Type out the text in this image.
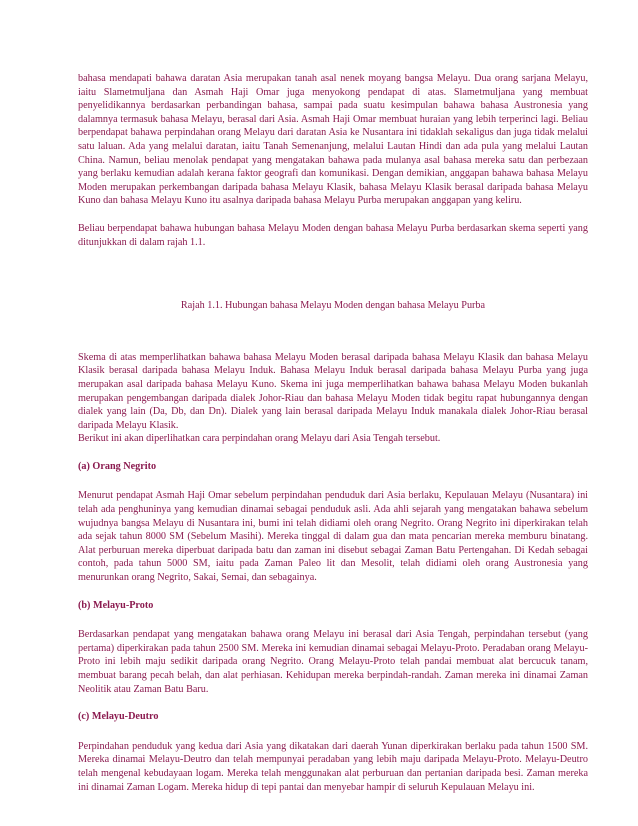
bahasa mendapati bahawa daratan Asia merupakan tanah asal nenek moyang bangsa Melayu. Dua orang sarjana Melayu, iaitu Slametmuljana dan Asmah Haji Omar juga menyokong pendapat di atas. Slametmuljana yang membuat penyelidikannya berdasarkan perbandingan bahasa, sampai pada suatu kesimpulan bahawa bahasa Austronesia yang dalamnya termasuk bahasa Melayu, berasal dari Asia. Asmah Haji Omar membuat huraian yang lebih terperinci lagi. Beliau berpendapat bahawa perpindahan orang Melayu dari daratan Asia ke Nusantara ini tidaklah sekaligus dan juga tidak melalui satu laluan. Ada yang melalui daratan, iaitu Tanah Semenanjung, melalui Lautan Hindi dan ada pula yang melalui Lautan China. Namun, beliau menolak pendapat yang mengatakan bahawa pada mulanya asal bahasa mereka satu dan perbezaan yang berlaku kemudian adalah kerana faktor geografi dan komunikasi. Dengan demikian, anggapan bahawa bahasa Melayu Moden merupakan perkembangan daripada bahasa Melayu Klasik, bahasa Melayu Klasik berasal daripada bahasa Melayu Kuno dan bahasa Melayu Kuno itu asalnya daripada bahasa Melayu Purba merupakan anggapan yang keliru.

Beliau berpendapat bahawa hubungan bahasa Melayu Moden dengan bahasa Melayu Purba berdasarkan skema seperti yang ditunjukkan di dalam rajah 1.1.

Rajah 1.1. Hubungan bahasa Melayu Moden dengan bahasa Melayu Purba

Skema di atas memperlihatkan bahawa bahasa Melayu Moden berasal daripada bahasa Melayu Klasik dan bahasa Melayu Klasik berasal daripada bahasa Melayu Induk. Bahasa Melayu Induk berasal daripada bahasa Melayu Purba yang juga merupakan asal daripada bahasa Melayu Kuno. Skema ini juga memperlihatkan bahawa bahasa Melayu Moden bukanlah merupakan pengembangan daripada dialek Johor-Riau dan bahasa Melayu Moden tidak begitu rapat hubungannya dengan dialek yang lain (Da, Db, dan Dn). Dialek yang lain berasal daripada Melayu Induk manakala dialek Johor-Riau berasal daripada Melayu Klasik.

Berikut ini akan diperlihatkan cara perpindahan orang Melayu dari Asia Tengah tersebut.

(a) Orang Negrito

Menurut pendapat Asmah Haji Omar sebelum perpindahan penduduk dari Asia berlaku, Kepulauan Melayu (Nusantara) ini telah ada penghuninya yang kemudian dinamai sebagai penduduk asli. Ada ahli sejarah yang mengatakan bahawa sebelum wujudnya bangsa Melayu di Nusantara ini, bumi ini telah didiami oleh orang Negrito. Orang Negrito ini diperkirakan telah ada sejak tahun 8000 SM (Sebelum Masihi). Mereka tinggal di dalam gua dan mata pencarian mereka memburu binatang. Alat perburuan mereka diperbuat daripada batu dan zaman ini disebut sebagai Zaman Batu Pertengahan. Di Kedah sebagai contoh, pada tahun 5000 SM, iaitu pada Zaman Paleo lit dan Mesolit, telah didiami oleh orang Austronesia yang menurunkan orang Negrito, Sakai, Semai, dan sebagainya.

(b) Melayu-Proto

Berdasarkan pendapat yang mengatakan bahawa orang Melayu ini berasal dari Asia Tengah, perpindahan tersebut (yang pertama) diperkirakan pada tahun 2500 SM. Mereka ini kemudian dinamai sebagai Melayu-Proto. Peradaban orang Melayu-Proto ini lebih maju sedikit daripada orang Negrito. Orang Melayu-Proto telah pandai membuat alat bercucuk tanam, membuat barang pecah belah, dan alat perhiasan. Kehidupan mereka berpindah-randah. Zaman mereka ini dinamai Zaman Neolitik atau Zaman Batu Baru.

(c) Melayu-Deutro

Perpindahan penduduk yang kedua dari Asia yang dikatakan dari daerah Yunan diperkirakan berlaku pada tahun 1500 SM. Mereka dinamai Melayu-Deutro dan telah mempunyai peradaban yang lebih maju daripada Melayu-Proto. Melayu-Deutro telah mengenal kebudayaan logam. Mereka telah menggunakan alat perburuan dan pertanian daripada besi. Zaman mereka ini dinamai Zaman Logam. Mereka hidup di tepi pantai dan menyebar hampir di seluruh Kepulauan Melayu ini.
